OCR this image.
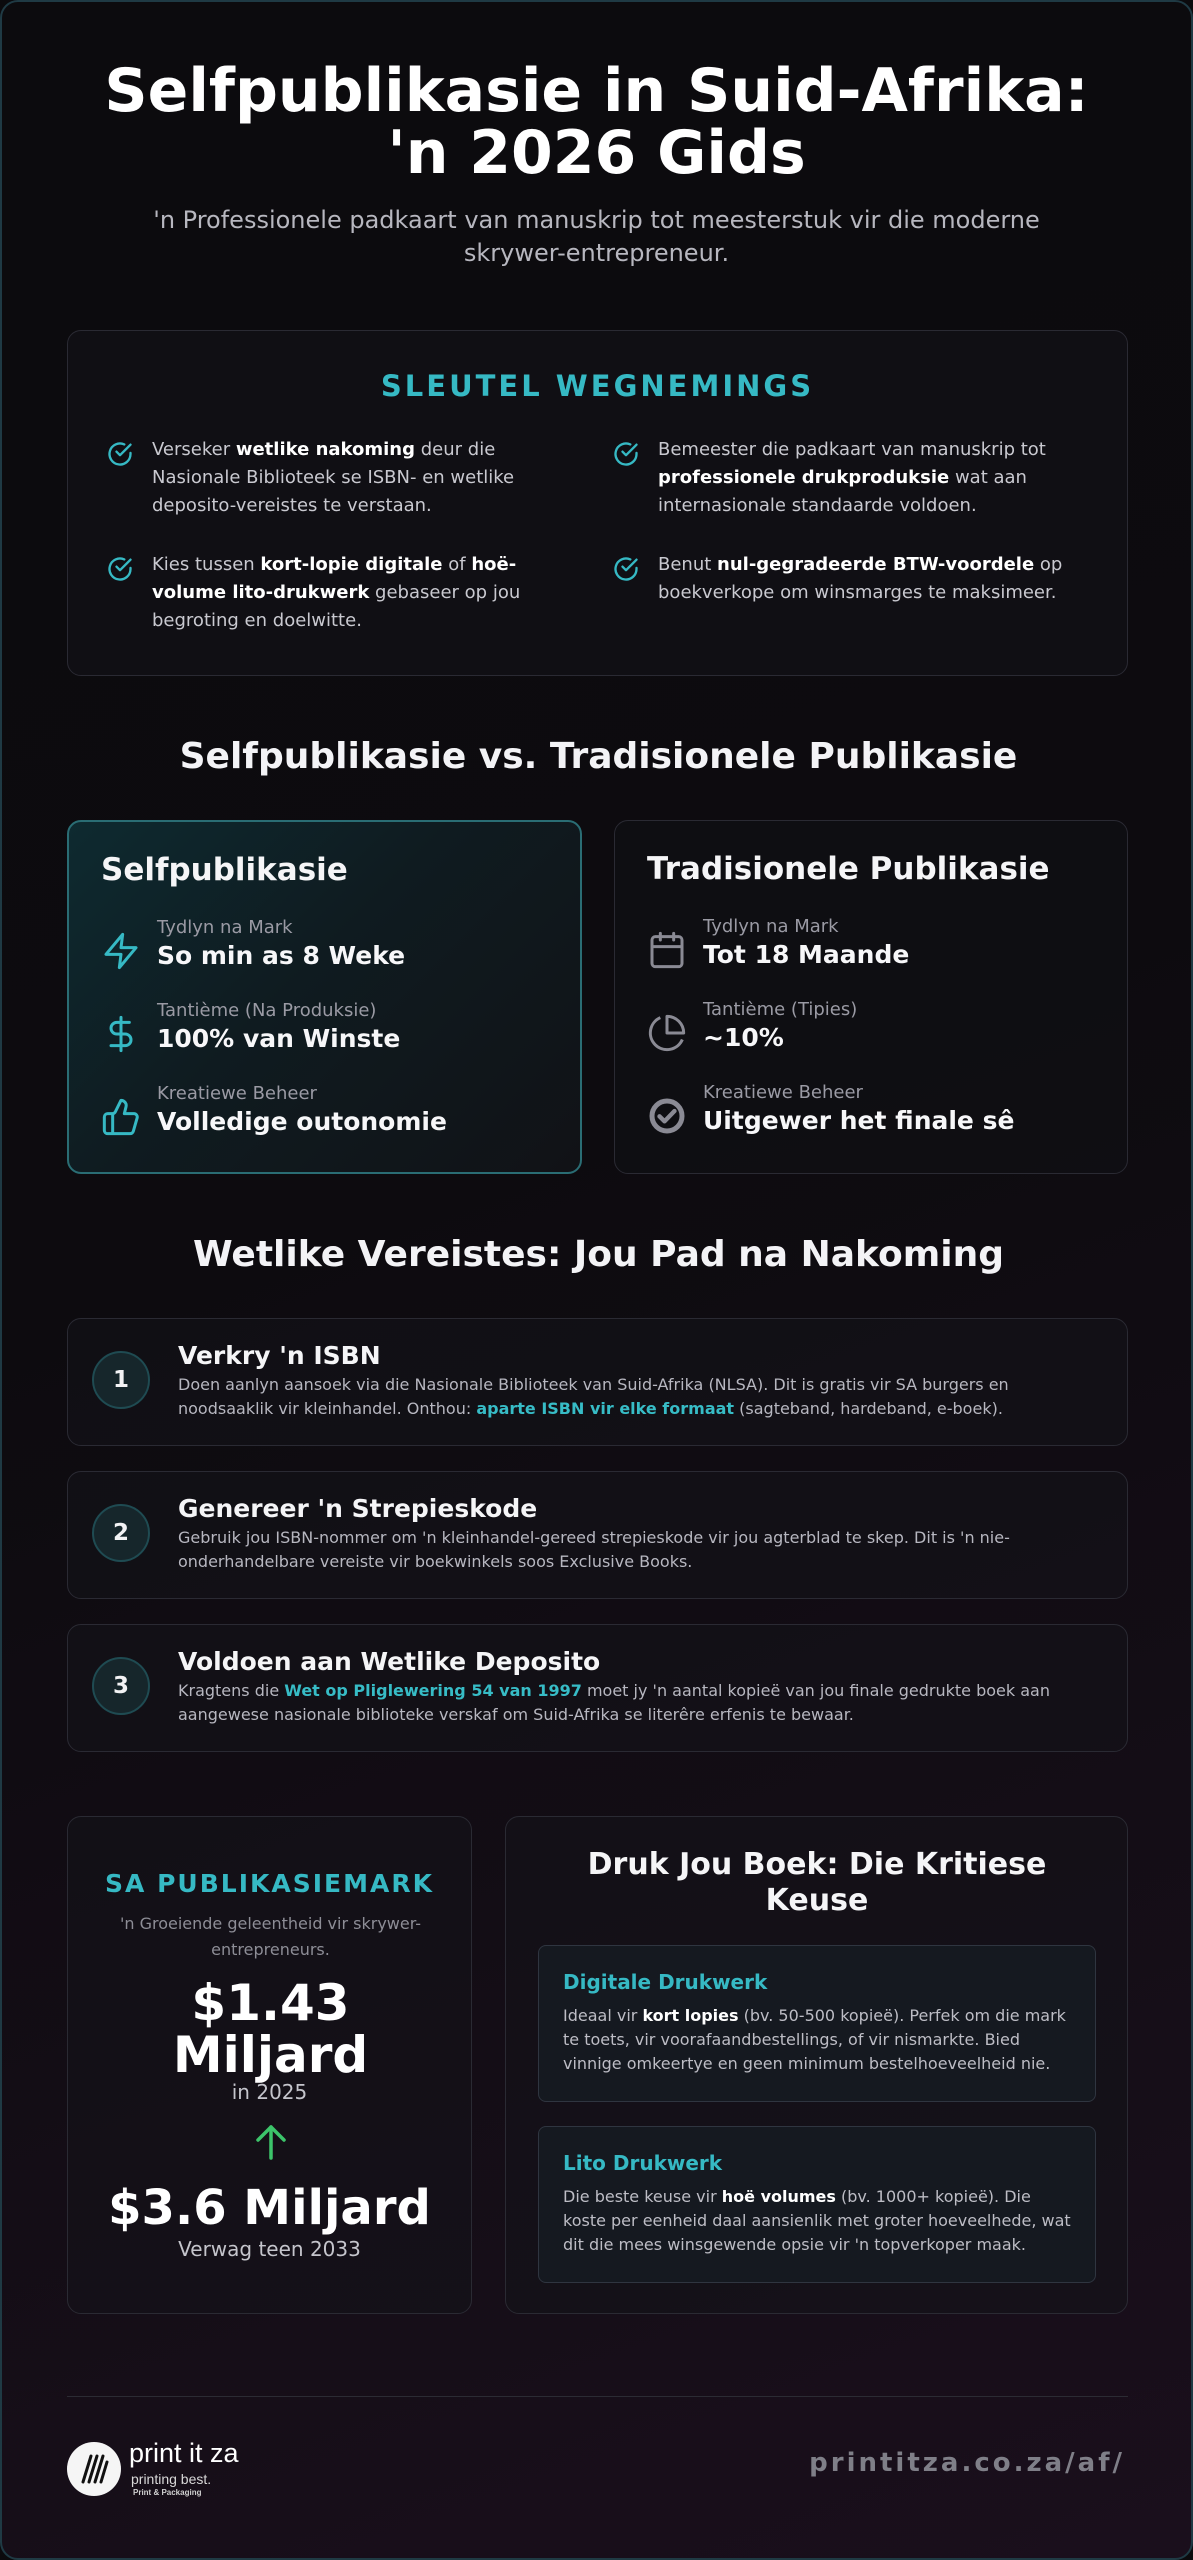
Selfpublikasie in Suid-Afrika: 'n 2026 Gids

'n Professionele padkaart van manuskrip tot meesterstuk vir die moderne skrywer-entrepreneur.

SLEUTEL WEGNEMINGS
Verseker wetlike nakoming deur die Nasionale Biblioteek se ISBN- en wetlike deposito-vereistes te verstaan.
Bemeester die padkaart van manuskrip tot professionele drukproduksie wat aan internasionale standaarde voldoen.
Kies tussen kort-lopie digitale of hoë-volume lito-drukwerk gebaseer op jou begroting en doelwitte.
Benut nul-gegradeerde BTW-voordele op boekverkope om winsmarges te maksimeer.
Selfpublikasie vs. Tradisionele Publikasie
Selfpublikasie
Tydlyn na Mark
So min as 8 Weke
Tantième (Na Produksie)
100% van Winste
Kreatiewe Beheer
Volledige outonomie
Tradisionele Publikasie
Tydlyn na Mark
Tot 18 Maande
Tantième (Tipies)
~10%
Kreatiewe Beheer
Uitgewer het finale sê
Wetlike Vereistes: Jou Pad na Nakoming
1
Verkry 'n ISBN
Doen aanlyn aansoek via die Nasionale Biblioteek van Suid-Afrika (NLSA). Dit is gratis vir SA burgers en noodsaaklik vir kleinhandel. Onthou: aparte ISBN vir elke formaat (sagteband, hardeband, e-boek).
2
Genereer 'n Strepieskode
Gebruik jou ISBN-nommer om 'n kleinhandel-gereed strepieskode vir jou agterblad te skep. Dit is 'n nie-onderhandelbare vereiste vir boekwinkels soos Exclusive Books.
3
Voldoen aan Wetlike Deposito
Kragtens die Wet op Pliglewering 54 van 1997 moet jy 'n aantal kopieë van jou finale gedrukte boek aan aangewese nasionale biblioteke verskaf om Suid-Afrika se literêre erfenis te bewaar.
SA PUBLIKASIEMARK
'n Groeiende geleentheid vir skrywer-entrepreneurs.
$1.43 Miljard
in 2025
$3.6 Miljard
Verwag teen 2033
Druk Jou Boek: Die Kritiese Keuse
Digitale Drukwerk

Ideaal vir kort lopies (bv. 50-500 kopieë). Perfek om die mark te toets, vir voorafaandbestellings, of vir nismarkte. Bied vinnige omkeertye en geen minimum bestelhoeveelheid nie.

Lito Drukwerk

Die beste keuse vir hoë volumes (bv. 1000+ kopieë). Die koste per eenheid daal aansienlik met groter hoeveelhede, wat dit die mees winsgewende opsie vir 'n topverkoper maak.

print it za
printing best.
Print & Packaging
printitza.co.za/af/
